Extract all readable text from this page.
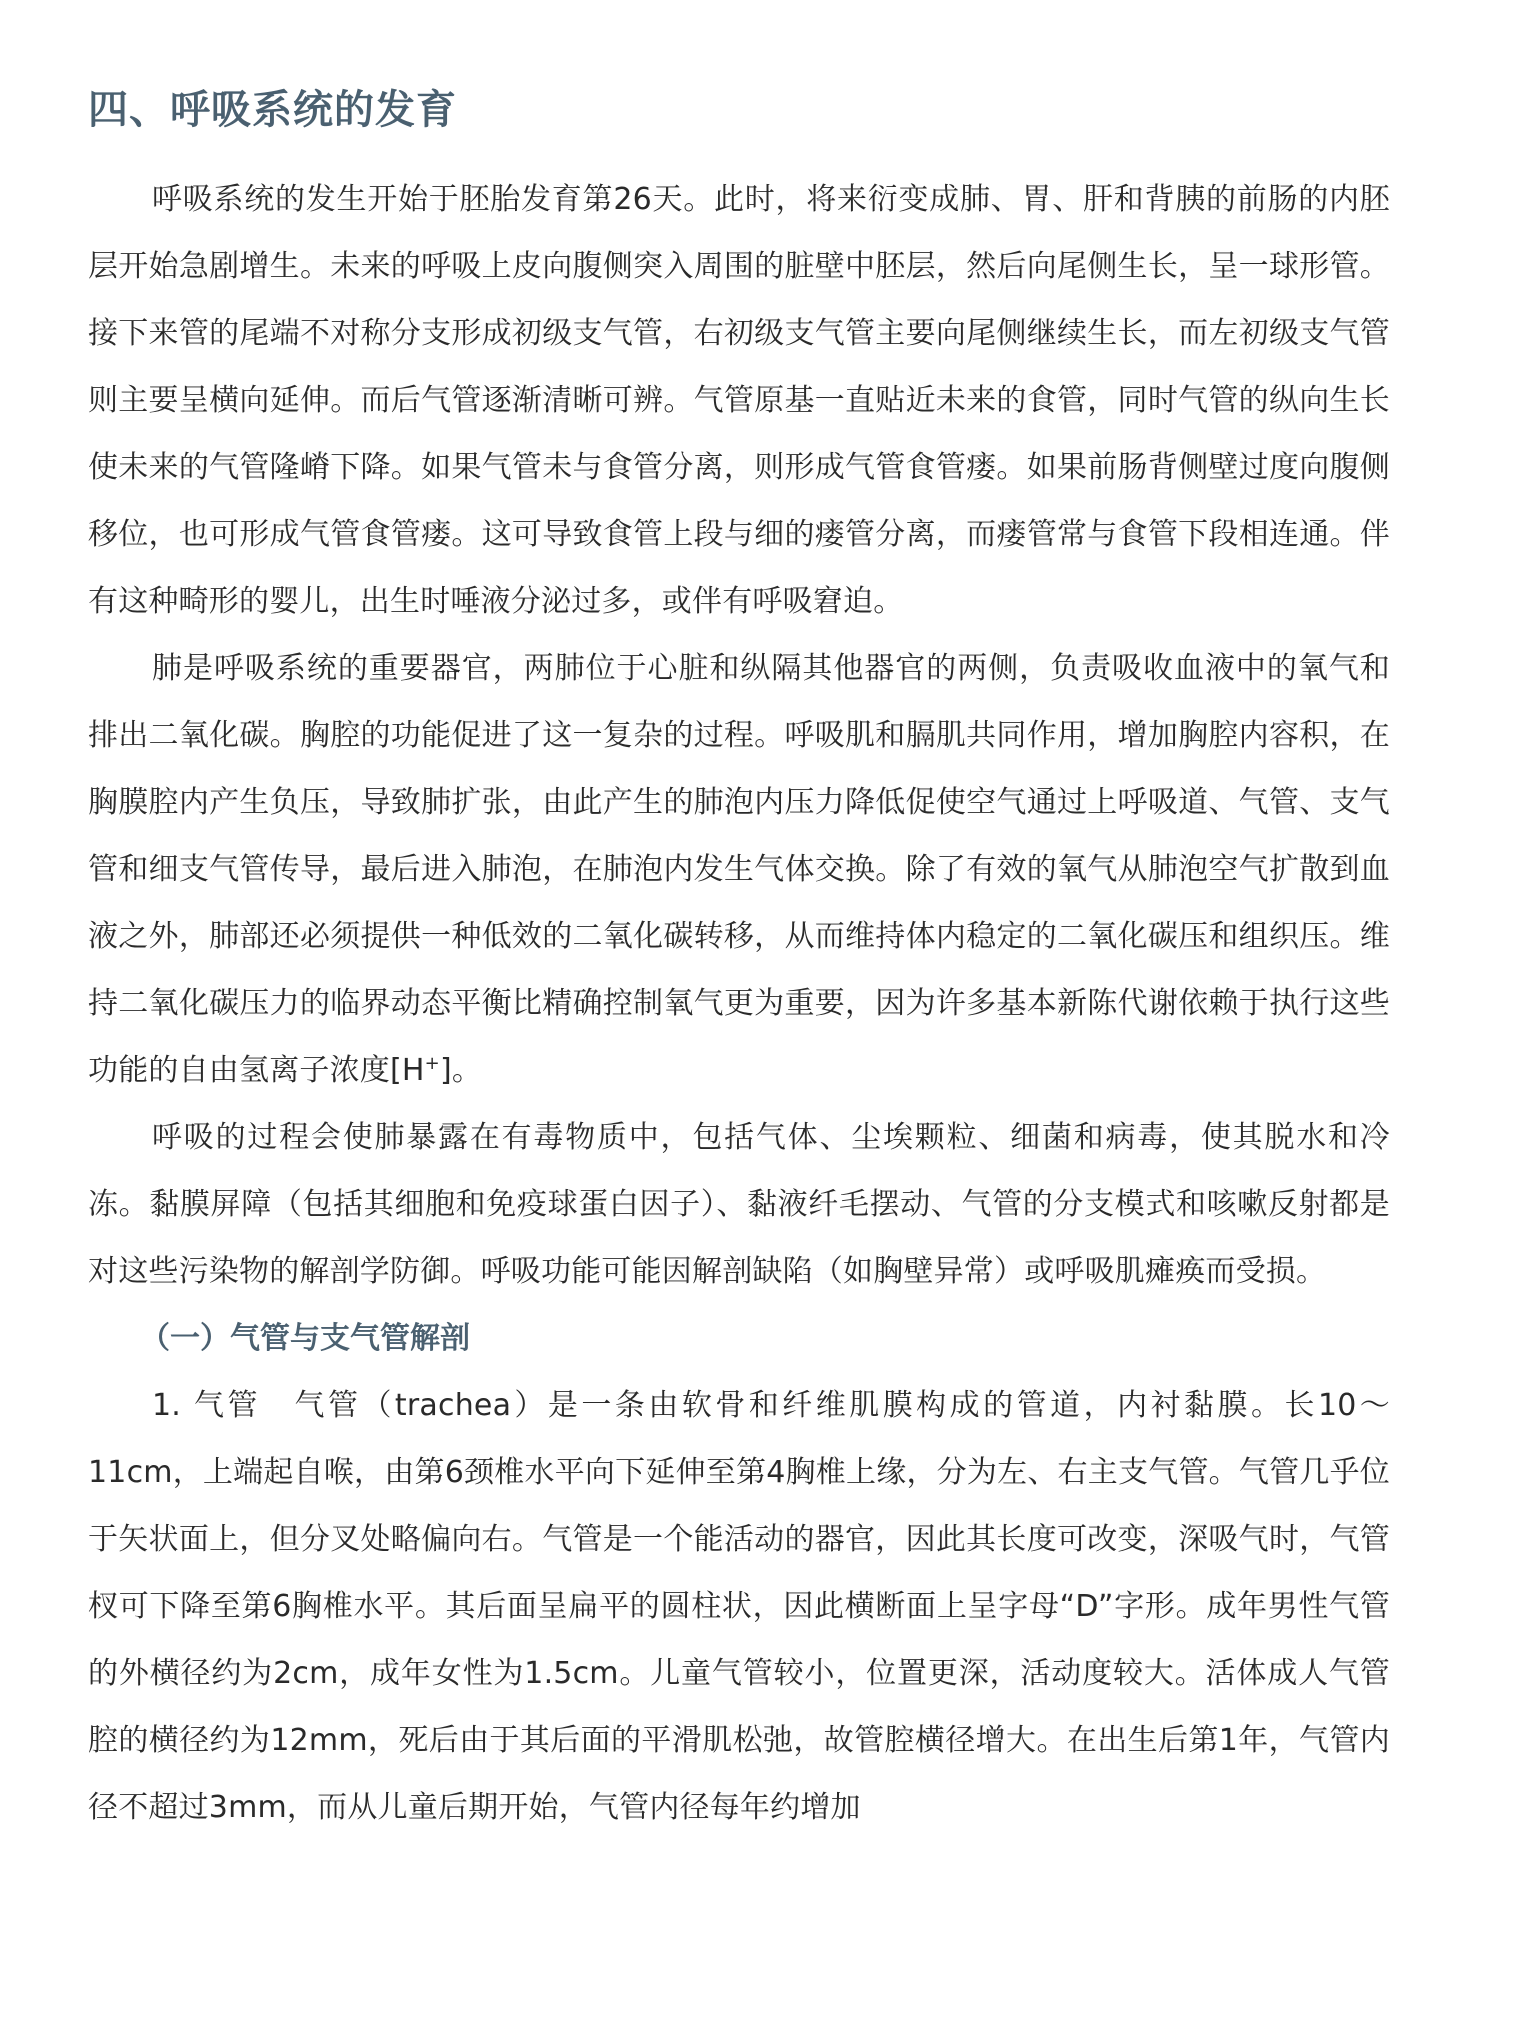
四、呼吸系统的发育

呼吸系统的发生开始于胚胎发育第26天。此时，将来衍变成肺、胃、肝和背胰的前肠的内胚层开始急剧增生。未来的呼吸上皮向腹侧突入周围的脏壁中胚层，然后向尾侧生长，呈一球形管。接下来管的尾端不对称分支形成初级支气管，右初级支气管主要向尾侧继续生长，而左初级支气管则主要呈横向延伸。而后气管逐渐清晰可辨。气管原基一直贴近未来的食管，同时气管的纵向生长使未来的气管隆嵴下降。如果气管未与食管分离，则形成气管食管瘘。如果前肠背侧壁过度向腹侧移位，也可形成气管食管瘘。这可导致食管上段与细的瘘管分离，而瘘管常与食管下段相连通。伴有这种畸形的婴儿，出生时唾液分泌过多，或伴有呼吸窘迫。

肺是呼吸系统的重要器官，两肺位于心脏和纵隔其他器官的两侧，负责吸收血液中的氧气和排出二氧化碳。胸腔的功能促进了这一复杂的过程。呼吸肌和膈肌共同作用，增加胸腔内容积，在胸膜腔内产生负压，导致肺扩张，由此产生的肺泡内压力降低促使空气通过上呼吸道、气管、支气管和细支气管传导，最后进入肺泡，在肺泡内发生气体交换。除了有效的氧气从肺泡空气扩散到血液之外，肺部还必须提供一种低效的二氧化碳转移，从而维持体内稳定的二氧化碳压和组织压。维持二氧化碳压力的临界动态平衡比精确控制氧气更为重要，因为许多基本新陈代谢依赖于执行这些功能的自由氢离子浓度[H+]。

呼吸的过程会使肺暴露在有毒物质中，包括气体、尘埃颗粒、细菌和病毒，使其脱水和冷冻。黏膜屏障（包括其细胞和免疫球蛋白因子）、黏液纤毛摆动、气管的分支模式和咳嗽反射都是对这些污染物的解剖学防御。呼吸功能可能因解剖缺陷（如胸壁异常）或呼吸肌瘫痪而受损。

（一）气管与支气管解剖

1. 气管　气管（trachea）是一条由软骨和纤维肌膜构成的管道，内衬黏膜。长10～11cm，上端起自喉，由第6颈椎水平向下延伸至第4胸椎上缘，分为左、右主支气管。气管几乎位于矢状面上，但分叉处略偏向右。气管是一个能活动的器官，因此其长度可改变，深吸气时，气管杈可下降至第6胸椎水平。其后面呈扁平的圆柱状，因此横断面上呈字母“D”字形。成年男性气管的外横径约为2cm，成年女性为1.5cm。儿童气管较小，位置更深，活动度较大。活体成人气管腔的横径约为12mm，死后由于其后面的平滑肌松弛，故管腔横径增大。在出生后第1年，气管内径不超过3mm，而从儿童后期开始，气管内径每年约增加
